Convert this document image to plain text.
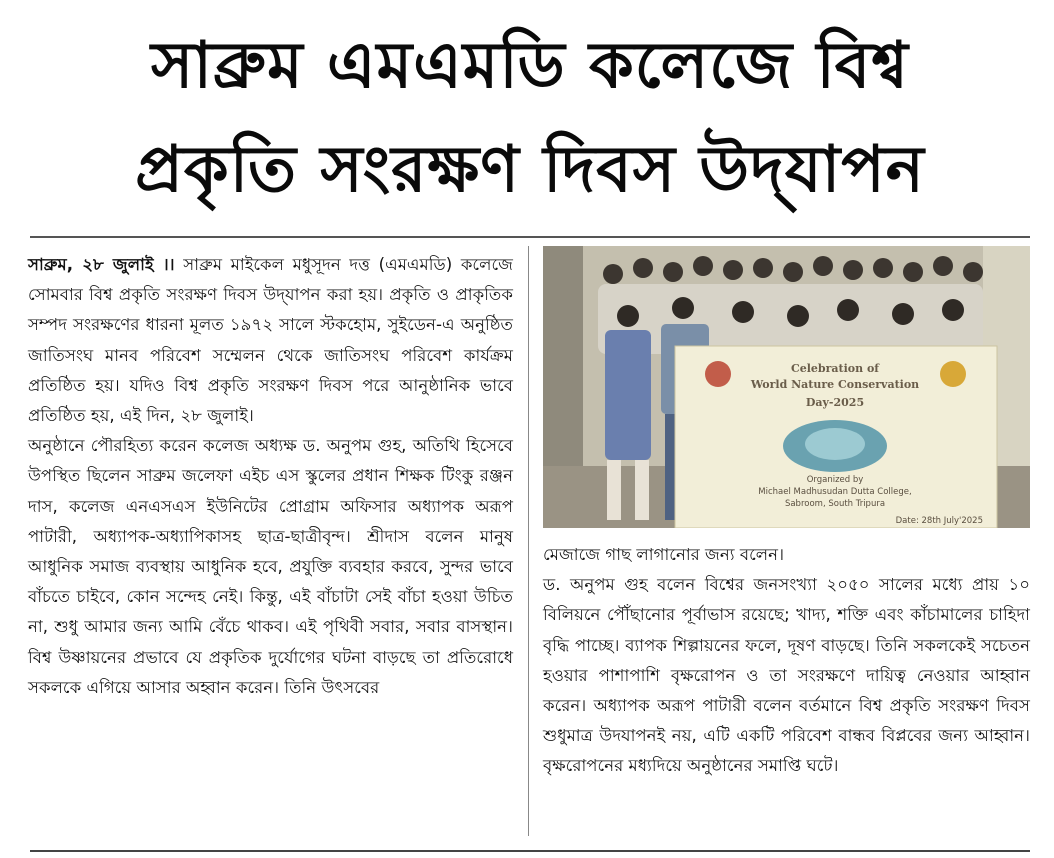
সাব্রুম এমএমডি কলেজে বিশ্ব
প্রকৃতি সংরক্ষণ দিবস উদ্‌যাপন

সাব্রুম, ২৮ জুলাই ।। সাব্রুম মাইকেল মধুসূদন দত্ত (এমএমডি) কলেজে সোমবার বিশ্ব প্রকৃতি সংরক্ষণ দিবস উদ্‌যাপন করা হয়। প্রকৃতি ও প্রাকৃতিক সম্পদ সংরক্ষণের ধারনা মূলত ১৯৭২ সালে স্টকহোম, সুইডেন-এ অনুষ্ঠিত জাতিসংঘ মানব পরিবেশ সম্মেলন থেকে জাতিসংঘ পরিবেশ কার্যক্রম প্রতিষ্ঠিত হয়। যদিও বিশ্ব প্রকৃতি সংরক্ষণ দিবস পরে আনুষ্ঠানিক ভাবে প্রতিষ্ঠিত হয়, এই দিন, ২৮ জুলাই।

অনুষ্ঠানে পৌরহিত্য করেন কলেজ অধ্যক্ষ ড. অনুপম গুহ, অতিথি হিসেবে উপস্থিত ছিলেন সাব্রুম জলেফা এইচ এস স্কুলের প্রধান শিক্ষক টিংকু রঞ্জন দাস, কলেজ এনএসএস ইউনিটের প্রোগ্রাম অফিসার অধ্যাপক অরূপ পাটারী, অধ্যাপক-অধ্যাপিকাসহ ছাত্র-ছাত্রীবৃন্দ। শ্রীদাস বলেন মানুষ আধুনিক সমাজ ব্যবস্থায় আধুনিক হবে, প্রযুক্তি ব্যবহার করবে, সুন্দর ভাবে বাঁচতে চাইবে, কোন সন্দেহ নেই। কিন্তু, এই বাঁচাটা সেই বাঁচা হওয়া উচিত না, শুধু আমার জন্য আমি বেঁচে থাকব। এই পৃথিবী সবার, সবার বাসস্থান। বিশ্ব উষ্ণায়নের প্রভাবে যে প্রকৃতিক দুর্যোগের ঘটনা বাড়ছে তা প্রতিরোধে সকলকে এগিয়ে আসার অহ্বান করেন। তিনি উৎসবের

Celebration of
World Nature Conservation
Day-2025
Organized by
Michael Madhusudan Dutta College,
Sabroom, South Tripura
Date: 28th July'2025

মেজাজে গাছ লাগানোর জন্য বলেন।

ড. অনুপম গুহ বলেন বিশ্বের জনসংখ্যা ২০৫০ সালের মধ্যে প্রায় ১০ বিলিয়নে পৌঁছানোর পূর্বাভাস রয়েছে; খাদ্য, শক্তি এবং কাঁচামালের চাহিদা বৃদ্ধি পাচ্ছে। ব্যাপক শিল্পায়নের ফলে, দূষণ বাড়ছে। তিনি সকলকেই সচেতন হওয়ার পাশাপাশি বৃক্ষরোপন ও তা সংরক্ষণে দায়িত্ব নেওয়ার আহ্বান করেন। অধ্যাপক অরূপ পাটারী বলেন বর্তমানে বিশ্ব প্রকৃতি সংরক্ষণ দিবস শুধুমাত্র উদযাপনই নয়, এটি একটি পরিবেশ বান্ধব বিপ্লবের জন্য আহ্বান। বৃক্ষরোপনের মধ্যদিয়ে অনুষ্ঠানের সমাপ্তি ঘটে।
